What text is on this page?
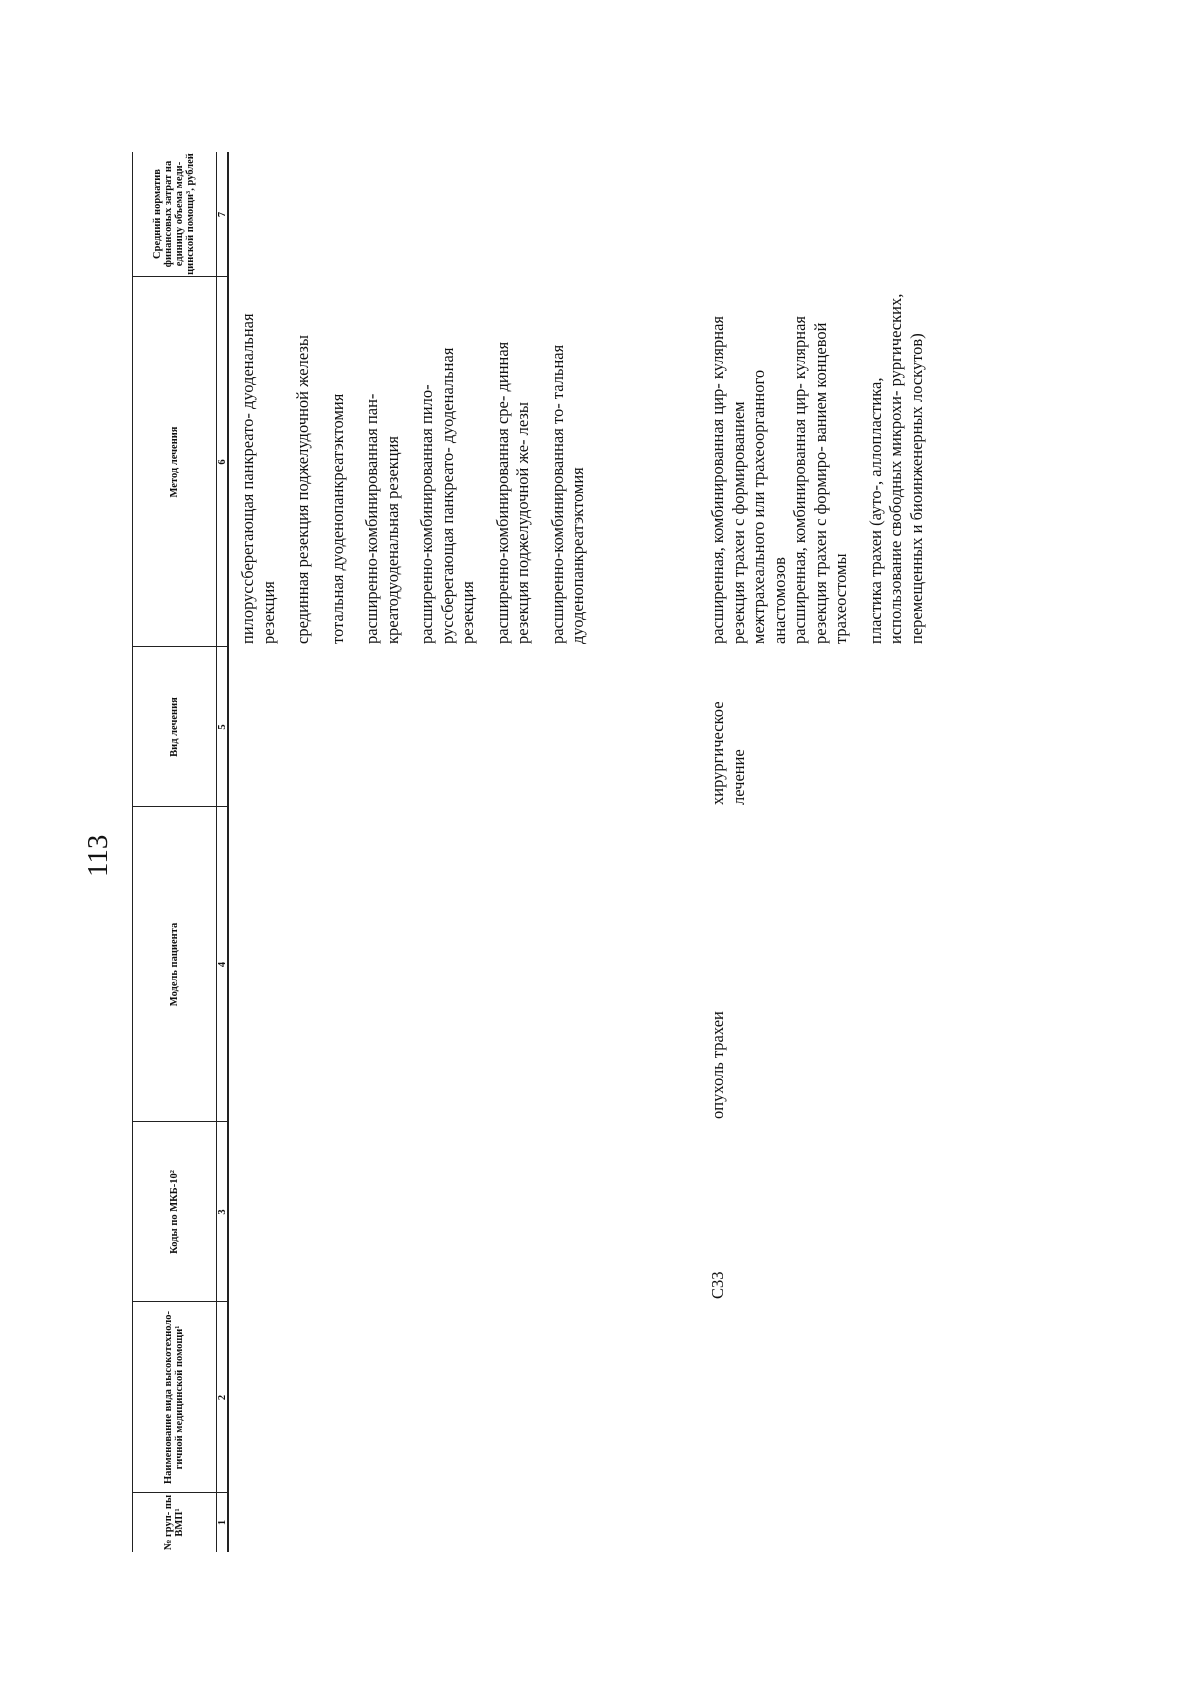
113
№ груп- пы ВМП¹
Наименование вида высокотехноло- гичной медицинской помощи¹
Коды по МКБ-10²
Модель пациента
Вид лечения
Метод лечения
Средний норматив финансовых затрат на единицу объема меди- цинской помощи³, рублей
1
2
3
4
5
6
7
пилоруссберегающая панкреато- дуоденальная резекция срединная резекция поджелудочной железы тотальная дуоденопанкреатэктомия расширенно-комбинированная пан- креатодуоденальная резекция расширенно-комбинированная пило- руссберегающая панкреато- дуоденальная резекция расширенно-комбинированная сре- динная резекция поджелудочной же- лезы расширенно-комбинированная то- тальная дуоденопанкреатэктомия
C33
опухоль трахеи
хирургическое лечение
расширенная, комбинированная цир- кулярная резекция трахеи с формированием межтрахеального или трахеоорганного анастомозов расширенная, комбинированная цир- кулярная резекция трахеи с формиро- ванием концевой трахеостомы пластика трахеи (ауто-, аллопластика, использование свободных микрохи- рургических, перемещенных и биоинженерных лоскутов)
